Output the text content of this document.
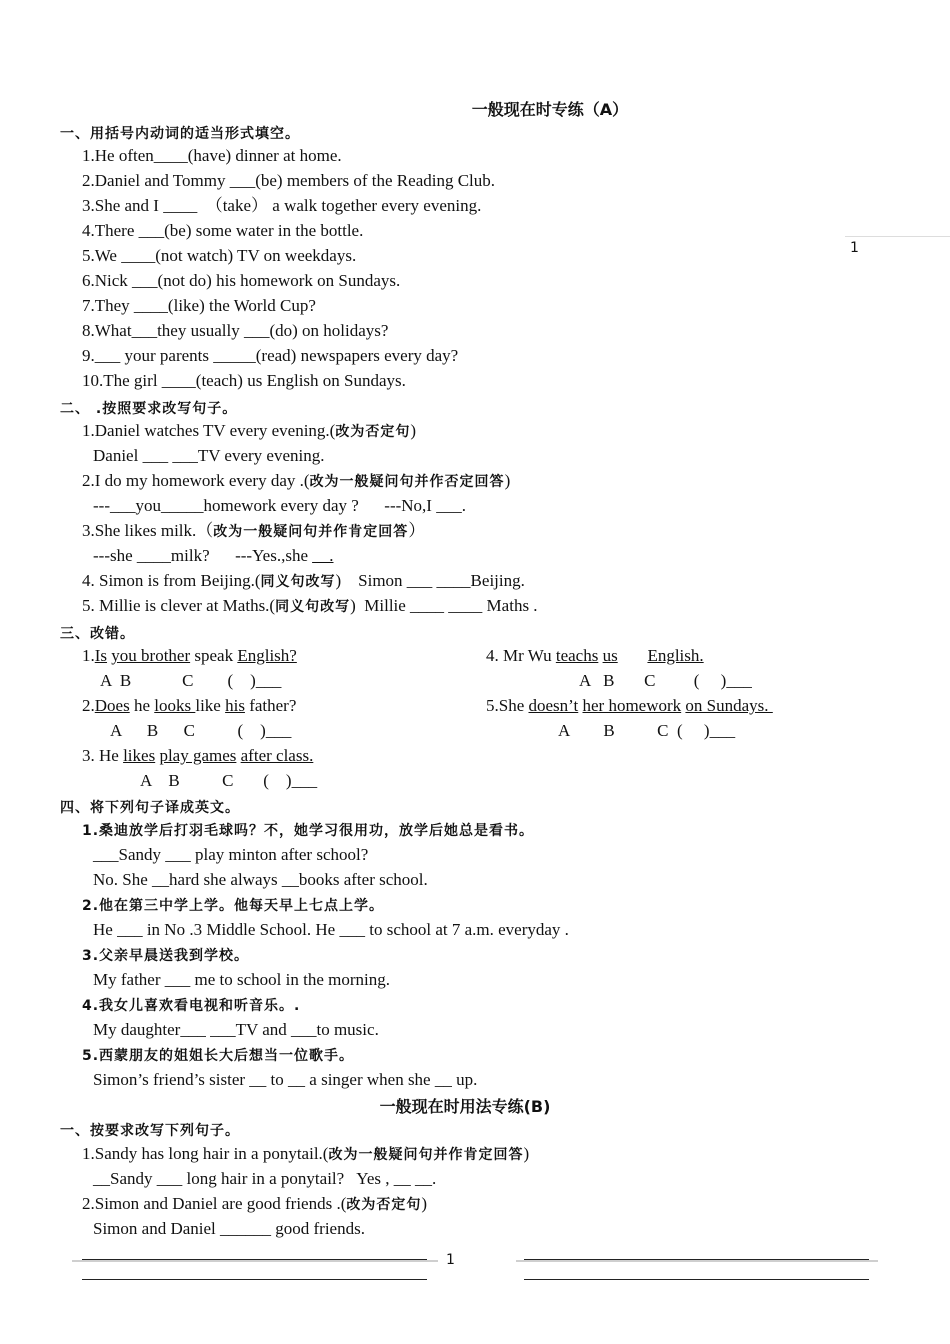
1
一般现在时专练（A）
一、用括号内动词的适当形式填空。
1.He often____(have) dinner at home.
2.Daniel and Tommy ___(be) members of the Reading Club.
3.She and I ____  （take） a walk together every evening.
4.There ___(be) some water in the bottle.
5.We ____(not watch) TV on weekdays.
6.Nick ___(not do) his homework on Sundays.
7.They ____(like) the World Cup?
8.What___they usually ___(do) on holidays?
9.___ your parents _____(read) newspapers every day?
10.The girl ____(teach) us English on Sundays.
二、 .按照要求改写句子。
1.Daniel watches TV every evening.(改为否定句)
Daniel ___ ___TV every evening.
2.I do my homework every day .(改为一般疑问句并作否定回答)
---___you_____homework every day ?      ---No,I ___.
3.She likes milk.（改为一般疑问句并作肯定回答）
---she ____milk?      ---Yes.,she __.
4. Simon is from Beijing.(同义句改写)    Simon ___ ____Beijing.
5. Millie is clever at Maths.(同义句改写)  Millie ____ ____ Maths .
三、改错。
1.Is you brother speak English?
A  B            C        (    )___
2.Does he looks like his father?
A      B      C          (    )___
3. He likes play games after class.
A    B          C       (    )___
4. Mr Wu teachs us English.
A   B       C         (     )___
5.She doesn’t her homework on Sundays.
A        B          C  (     )___
四、将下列句子译成英文。
1.桑迪放学后打羽毛球吗？不，她学习很用功，放学后她总是看书。
___Sandy ___ play minton after school?
No. She __hard she always __books after school.
2.他在第三中学上学。他每天早上七点上学。
He ___ in No .3 Middle School. He ___ to school at 7 a.m. everyday .
3.父亲早晨送我到学校。
My father ___ me to school in the morning.
4.我女儿喜欢看电视和听音乐。.
My daughter___ ___TV and ___to music.
5.西蒙朋友的姐姐长大后想当一位歌手。
Simon’s friend’s sister __ to __ a singer when she __ up.
一般现在时用法专练(B)
一、按要求改写下列句子。
1.Sandy has long hair in a ponytail.(改为一般疑问句并作肯定回答)
__Sandy ___ long hair in a ponytail?   Yes , __ __.
2.Simon and Daniel are good friends .(改为否定句)
Simon and Daniel ______ good friends.
1
